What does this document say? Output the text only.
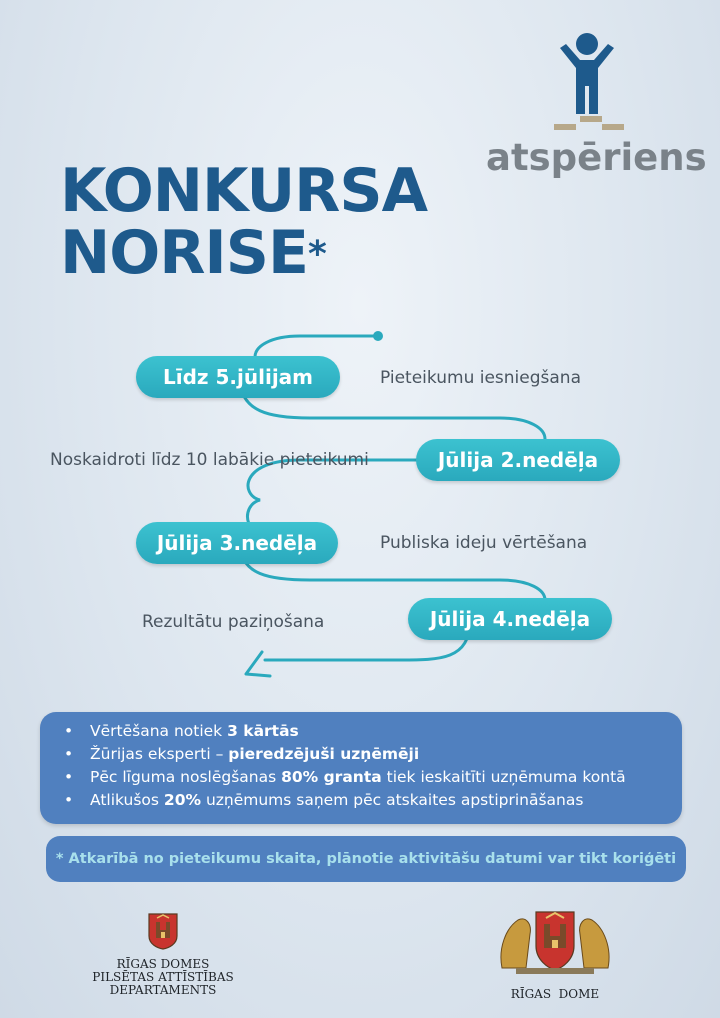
atspēriens
KONKURSA
NORISE*
Līdz 5.jūlijam	Pieteikumu iesniegšana
Noskaidroti līdz 10 labākie pieteikumi	Jūlija 2.nedēļa
Jūlija 3.nedēļa	Publiska ideju vērtēšana
Rezultātu paziņošana	Jūlija 4.nedēļa
• Vērtēšana notiek 3 kārtās
• Žūrijas eksperti – pieredzējuši uzņēmēji
• Pēc līguma noslēgšanas 80% granta tiek ieskaitīti uzņēmuma kontā
• Atlikušos 20% uzņēmums saņem pēc atskaites apstiprināšanas
* Atkarībā no pieteikumu skaita, plānotie aktivitāšu datumi var tikt koriģēti
RĪGAS DOMES
PILSĒTAS ATTĪSTĪBAS
DEPARTAMENTS	RĪGAS  DOME
